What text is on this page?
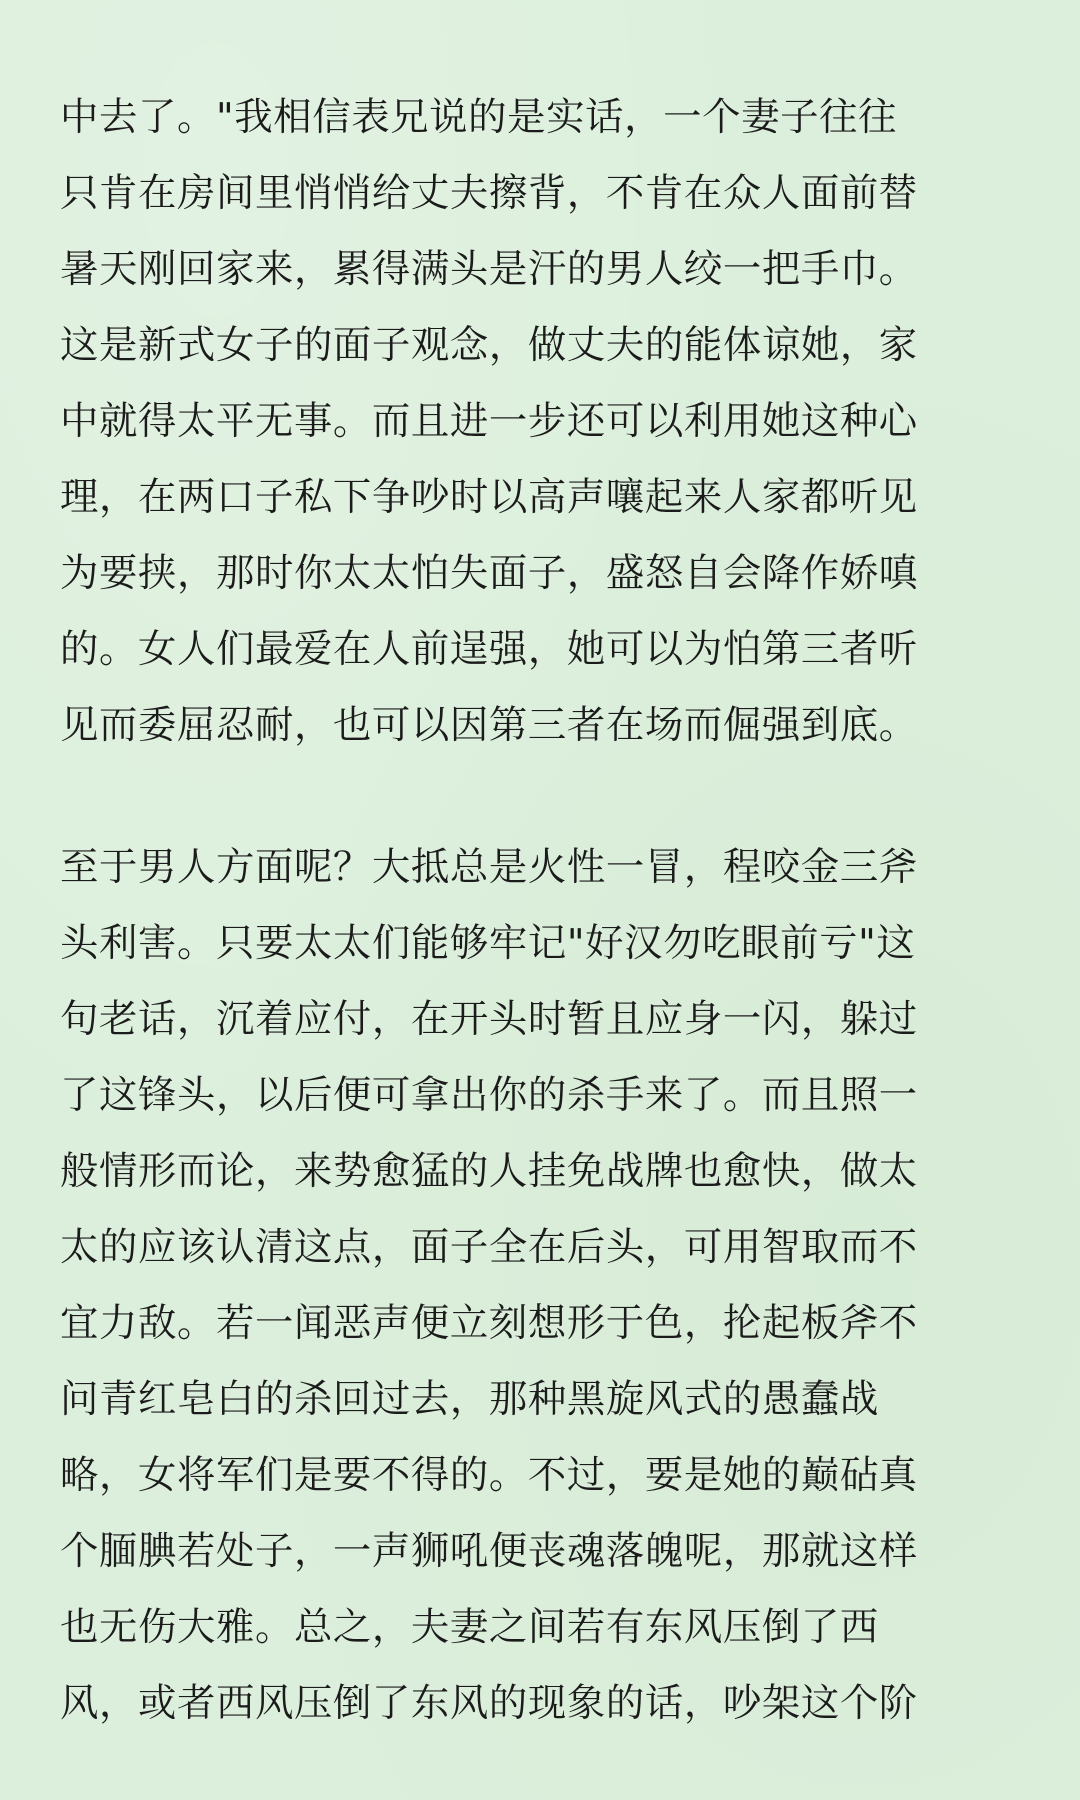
中去了。"我相信表兄说的是实话，一个妻子往往
只肯在房间里悄悄给丈夫擦背，不肯在众人面前替
暑天刚回家来，累得满头是汗的男人绞一把手巾。
这是新式女子的面子观念，做丈夫的能体谅她，家
中就得太平无事。而且进一步还可以利用她这种心
理，在两口子私下争吵时以高声嚷起来人家都听见
为要挟，那时你太太怕失面子，盛怒自会降作娇嗔
的。女人们最爱在人前逞强，她可以为怕第三者听
见而委屈忍耐，也可以因第三者在场而倔强到底。
至于男人方面呢？大抵总是火性一冒，程咬金三斧
头利害。只要太太们能够牢记"好汉勿吃眼前亏"这
句老话，沉着应付，在开头时暂且应身一闪，躲过
了这锋头，以后便可拿出你的杀手来了。而且照一
般情形而论，来势愈猛的人挂免战牌也愈快，做太
太的应该认清这点，面子全在后头，可用智取而不
宜力敌。若一闻恶声便立刻想形于色，抡起板斧不
问青红皂白的杀回过去，那种黑旋风式的愚蠢战
略，女将军们是要不得的。不过，要是她的巅砧真
个腼腆若处子，一声狮吼便丧魂落魄呢，那就这样
也无伤大雅。总之，夫妻之间若有东风压倒了西
风，或者西风压倒了东风的现象的话，吵架这个阶
